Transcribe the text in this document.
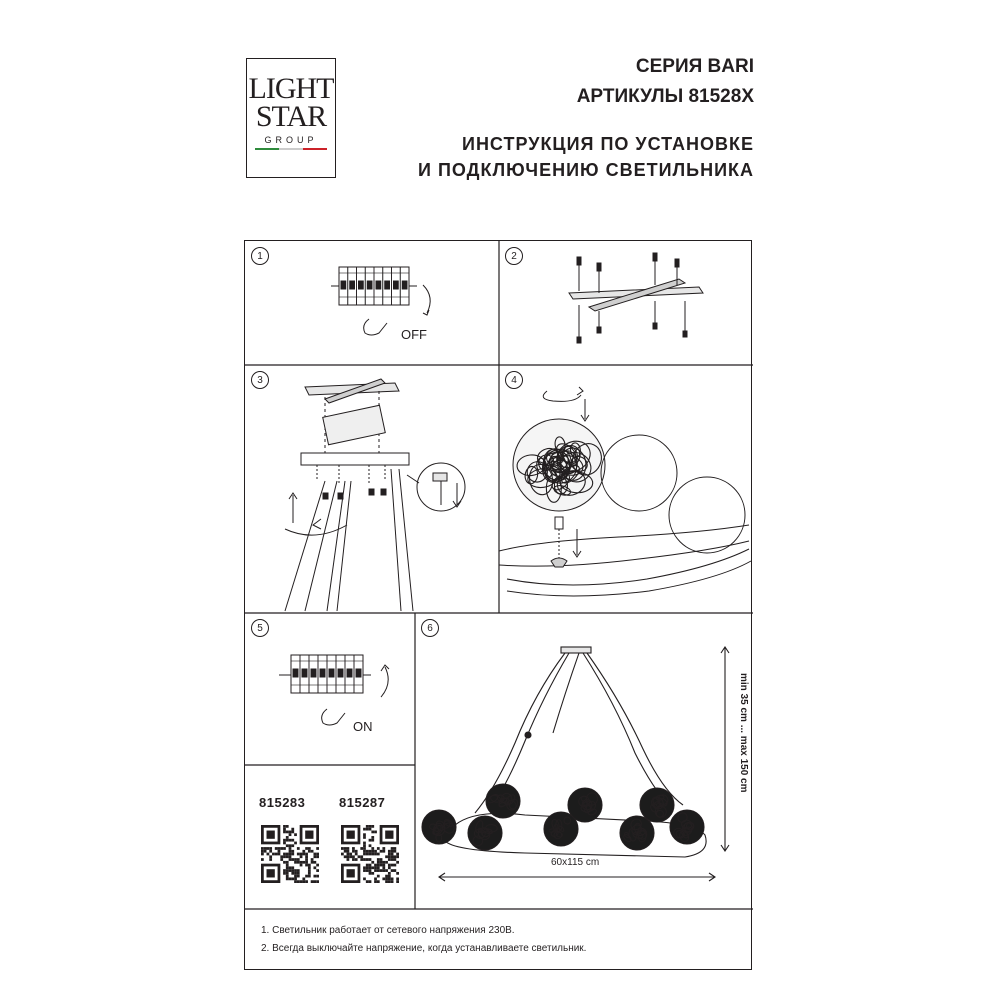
LIGHT
STAR
GROUP
СЕРИЯ BARI
АРТИКУЛЫ 81528X
ИНСТРУКЦИЯ ПО УСТАНОВКЕ
И ПОДКЛЮЧЕНИЮ СВЕТИЛЬНИКА
1
OFF
2
3	4
5
ON
815283	815287
6
60x115 cm
min 35 cm ... max 150 cm
1. Светильник работает от сетевого напряжения 230В.
2. Всегда выключайте напряжение, когда устанавливаете светильник.
